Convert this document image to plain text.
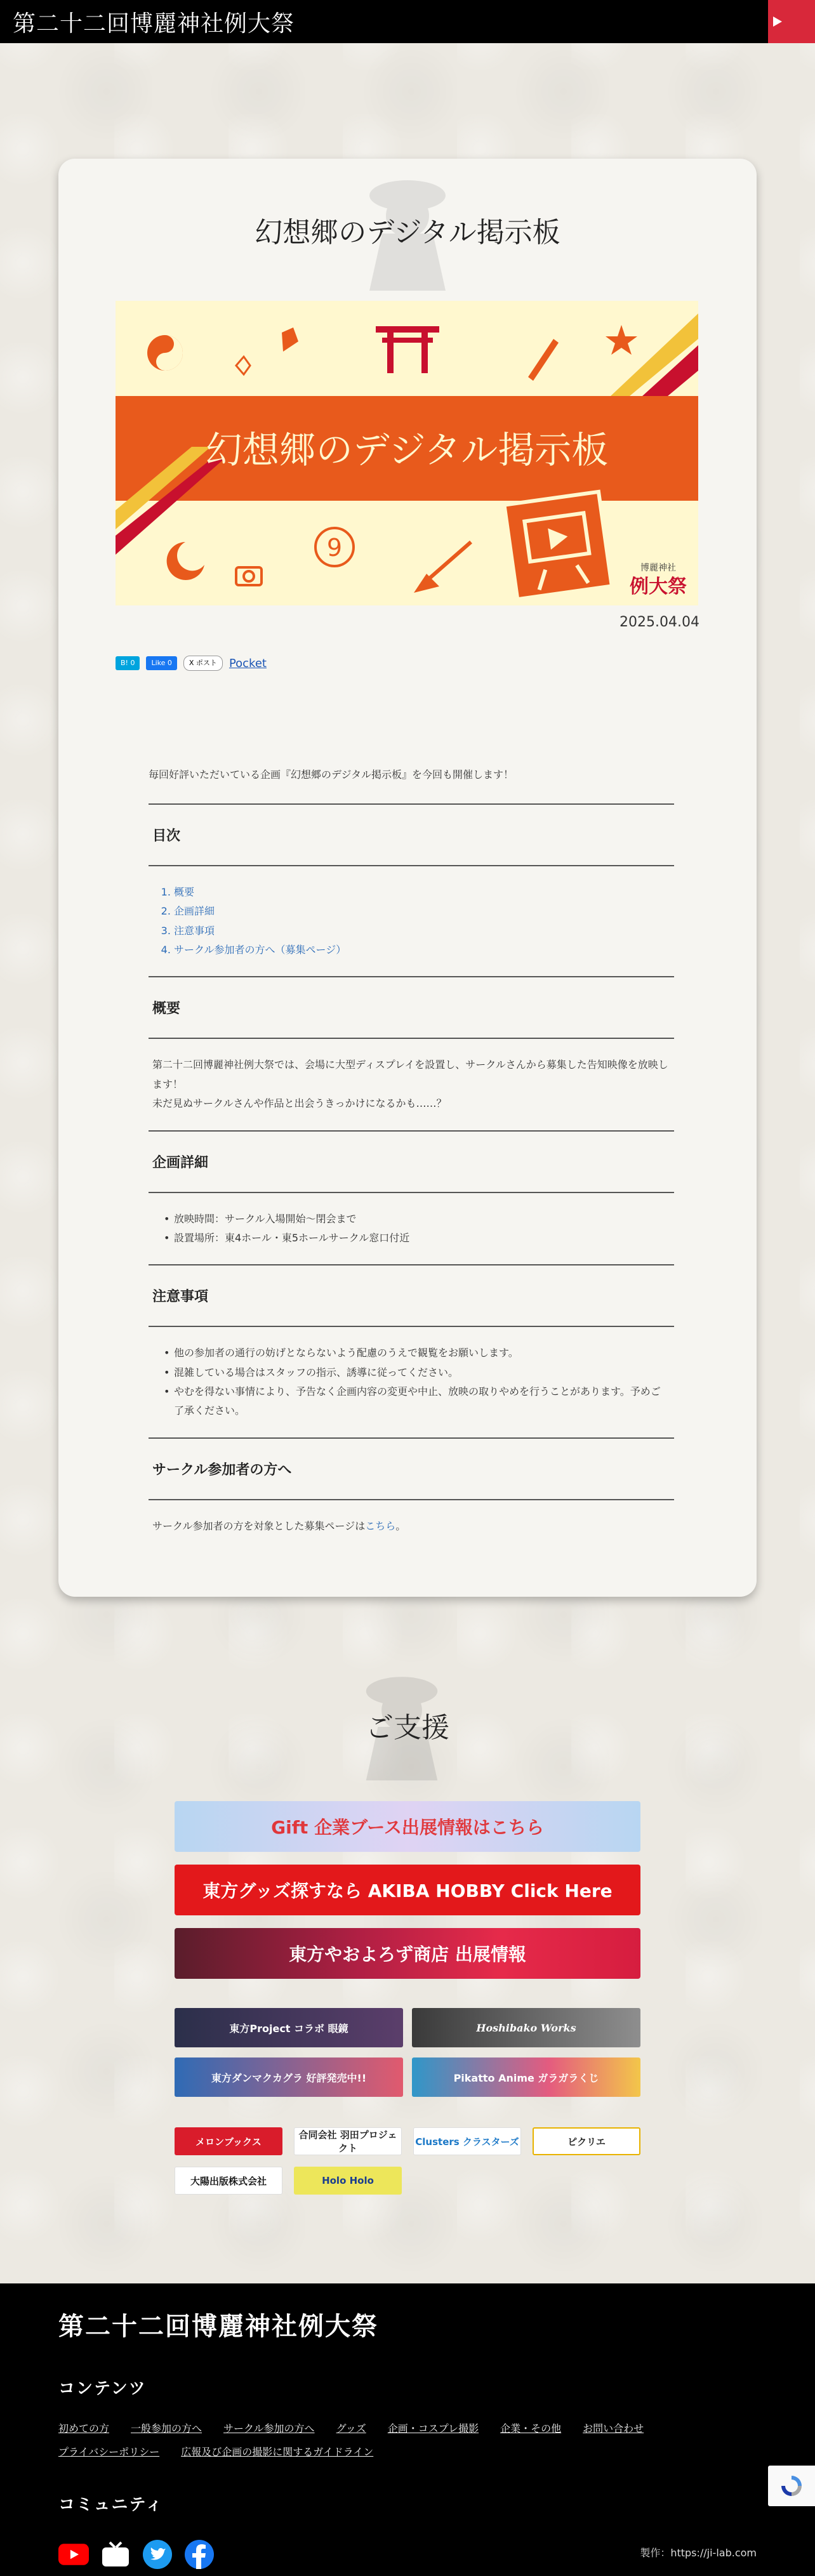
第二十二回博麗神社例大祭
幻想郷のデジタル掲示板
9
幻想郷のデジタル掲示板
博麗神社
例大祭
2025.04.04
B! 0	Like 0	X ポスト	Pocket

毎回好評いただいている企画『幻想郷のデジタル掲示板』を今回も開催します！

目次
1. 概要
2. 企画詳細
3. 注意事項
4. サークル参加者の方へ（募集ページ）
概要

第二十二回博麗神社例大祭では、会場に大型ディスプレイを設置し、サークルさんから募集した告知映像を放映します！

未だ見ぬサークルさんや作品と出会うきっかけになるかも……？

企画詳細
• 放映時間：サークル入場開始～閉会まで
• 設置場所：東4ホール・東5ホールサークル窓口付近
注意事項
• 他の参加者の通行の妨げとならないよう配慮のうえで観覧をお願いします。
• 混雑している場合はスタッフの指示、誘導に従ってください。
• やむを得ない事情により、予告なく企画内容の変更や中止、放映の取りやめを行うことがあります。予めご了承ください。
サークル参加者の方へ

サークル参加者の方を対象とした募集ページはこちら。

ご支援
Gift 企業ブース出展情報はこちら
東方グッズ探すなら AKIBA HOBBY Click Here
東方やおよろず商店 出展情報
東方Project コラボ 眼鏡	Hoshibako Works
東方ダンマクカグラ 好評発売中!!	Pikatto Anime ガラガラくじ
メロンブックス
合同会社 羽田プロジェクト
Clusters クラスターズ	ピクリエ
大陽出版株式会社	Holo Holo
第二十二回博麗神社例大祭
コンテンツ
初めての方 一般参加の方へ サークル参加の方へ グッズ 企画・コスプレ撮影 企業・その他 お問い合わせ
プライバシーポリシー 広報及び企画の撮影に関するガイドライン
コミュニティ
製作：https://ji-lab.com
